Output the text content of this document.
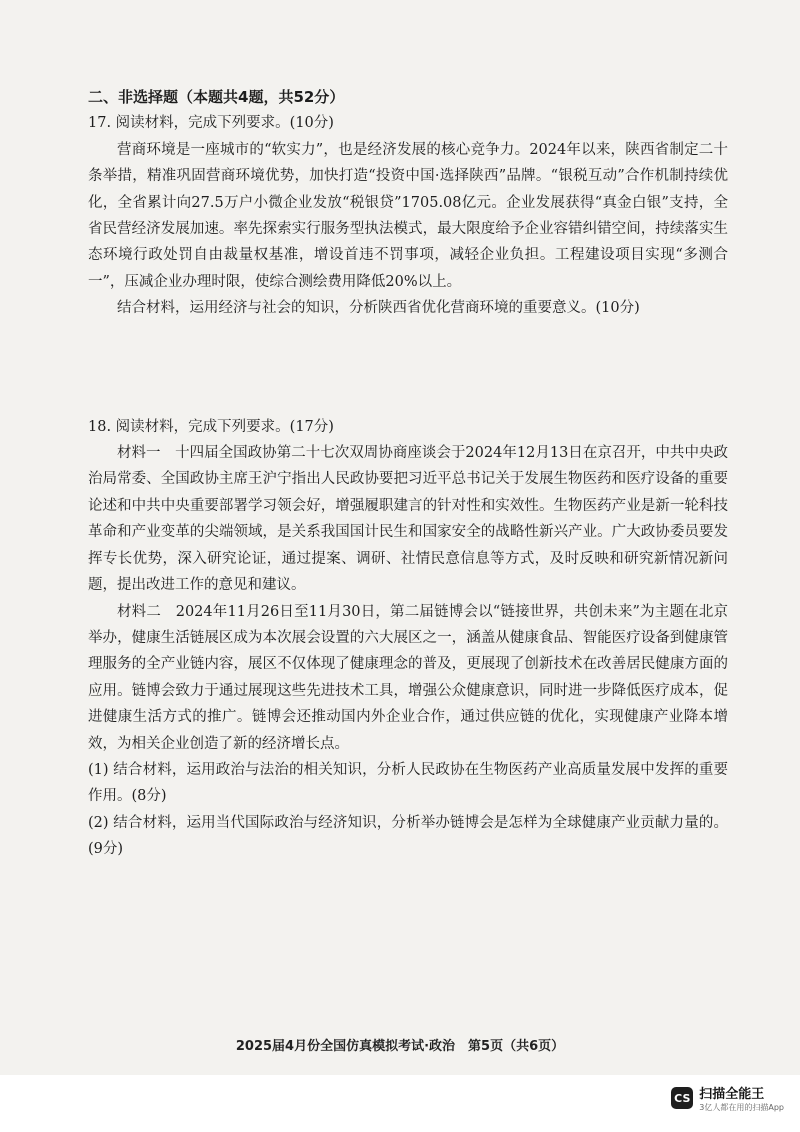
二、非选择题（本题共4题，共52分）
17. 阅读材料，完成下列要求。(10分)

营商环境是一座城市的“软实力”，也是经济发展的核心竞争力。2024年以来，陕西省制定二十条举措，精准巩固营商环境优势，加快打造“投资中国·选择陕西”品牌。“银税互动”合作机制持续优化，全省累计向27.5万户小微企业发放“税银贷”1705.08亿元。企业发展获得“真金白银”支持，全省民营经济发展加速。率先探索实行服务型执法模式，最大限度给予企业容错纠错空间，持续落实生态环境行政处罚自由裁量权基准，增设首违不罚事项，减轻企业负担。工程建设项目实现“多测合一”，压减企业办理时限，使综合测绘费用降低20%以上。

结合材料，运用经济与社会的知识，分析陕西省优化营商环境的重要意义。(10分)

18. 阅读材料，完成下列要求。(17分)

材料一　十四届全国政协第二十七次双周协商座谈会于2024年12月13日在京召开，中共中央政治局常委、全国政协主席王沪宁指出人民政协要把习近平总书记关于发展生物医药和医疗设备的重要论述和中共中央重要部署学习领会好，增强履职建言的针对性和实效性。生物医药产业是新一轮科技革命和产业变革的尖端领域，是关系我国国计民生和国家安全的战略性新兴产业。广大政协委员要发挥专长优势，深入研究论证，通过提案、调研、社情民意信息等方式，及时反映和研究新情况新问题，提出改进工作的意见和建议。

材料二　2024年11月26日至11月30日，第二届链博会以“链接世界，共创未来”为主题在北京举办，健康生活链展区成为本次展会设置的六大展区之一，涵盖从健康食品、智能医疗设备到健康管理服务的全产业链内容，展区不仅体现了健康理念的普及，更展现了创新技术在改善居民健康方面的应用。链博会致力于通过展现这些先进技术工具，增强公众健康意识，同时进一步降低医疗成本，促进健康生活方式的推广。链博会还推动国内外企业合作，通过供应链的优化，实现健康产业降本增效，为相关企业创造了新的经济增长点。

(1) 结合材料，运用政治与法治的相关知识，分析人民政协在生物医药产业高质量发展中发挥的重要作用。(8分)

(2) 结合材料，运用当代国际政治与经济知识，分析举办链博会是怎样为全球健康产业贡献力量的。(9分)

2025届4月份全国仿真模拟考试·政治　第5页（共6页）
CS 扫描全能王
3亿人都在用的扫描App
